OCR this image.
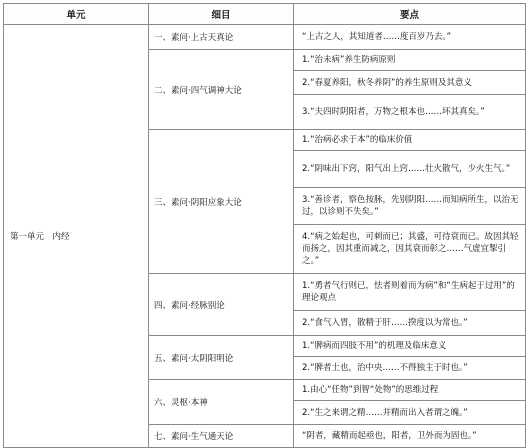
单元	细目	要点
第一单元　内经	一、素问·上古天真论	“上古之人，其知道者……度百岁乃去。”
	二、素问·四气调神大论	1.“治未病”养生防病原则
		2.“春夏养阳，秋冬养阴”的养生原则及其意义
		3.“夫四时阴阳者，万物之根本也……坏其真矣。”
	三、素问·阴阳应象大论	1.“治病必求于本”的临床价值
		2.“阴味出下窍，阳气出上窍……壮火散气，少火生气。”
		3.“善诊者，察色按脉，先别阴阳……而知病所生，以治无过，以诊则不失矣。”
		4.“病之始起也，可刺而已；其盛，可待衰而已。故因其轻而扬之，因其重而减之，因其衰而彰之……气虚宜掣引之。”
	四、素问·经脉别论	1.“勇者气行则已，怯者则着而为病”和“生病起于过用”的理论观点
		2.“食气入胃，散精于肝……揆度以为常也。”
	五、素问·太阴阳明论	1.“脾病而四肢不用”的机理及临床意义
		2.“脾者土也，治中央……不得独主于时也。”
	六、灵枢·本神	1.由心“任物”到智“处物”的思维过程
		2.“生之来谓之精……并精而出入者谓之魄。”
	七、素问·生气通天论	“阴者，藏精而起亟也，阳者，卫外而为固也。”
